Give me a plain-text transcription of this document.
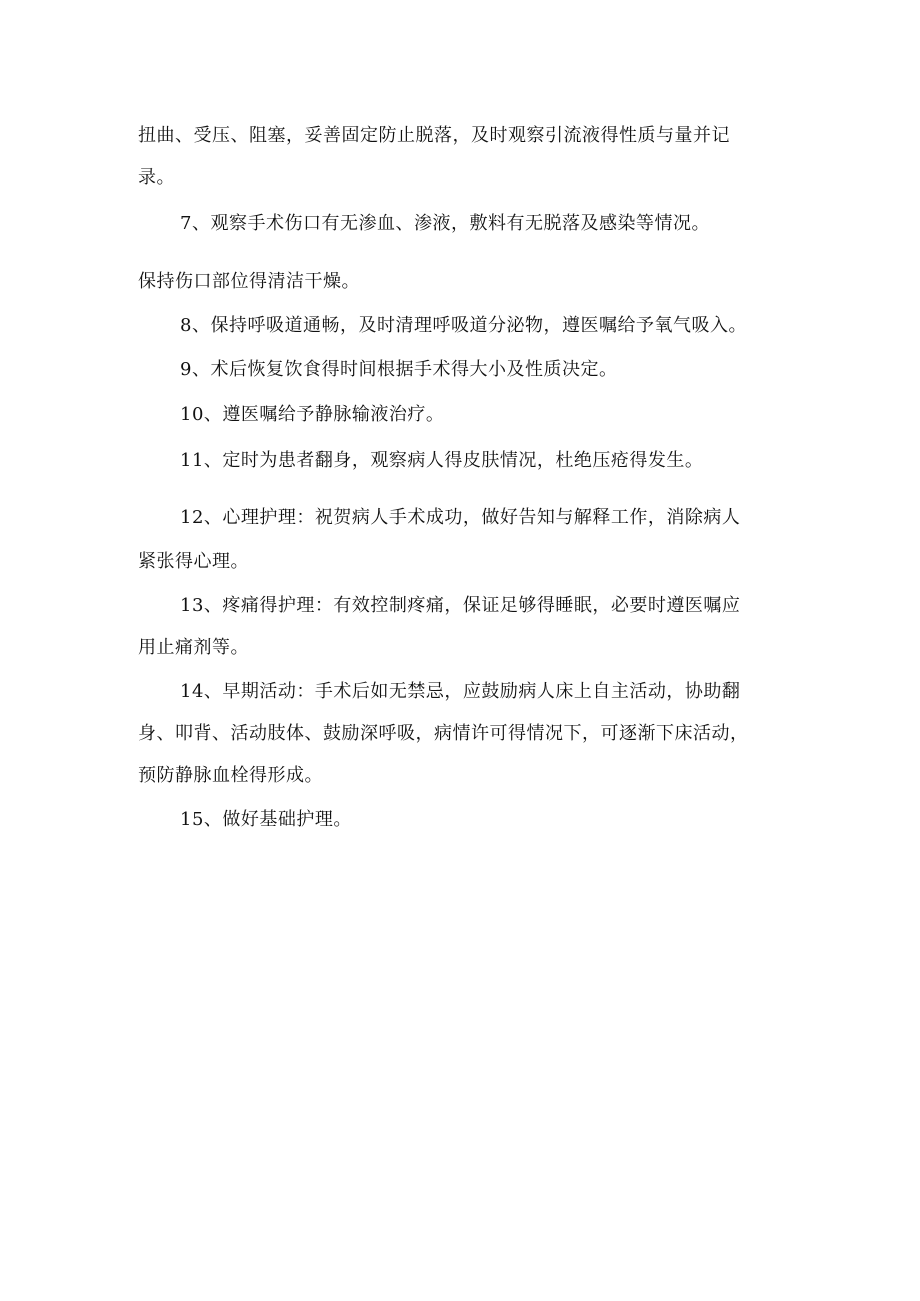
扭曲、受压、阻塞，妥善固定防止脱落，及时观察引流液得性质与量并记
录。
7、观察手术伤口有无渗血、渗液，敷料有无脱落及感染等情况。
保持伤口部位得清洁干燥。
8、保持呼吸道通畅，及时清理呼吸道分泌物，遵医嘱给予氧气吸入。
9、术后恢复饮食得时间根据手术得大小及性质决定。
10、遵医嘱给予静脉输液治疗。
11、定时为患者翻身，观察病人得皮肤情况，杜绝压疮得发生。
12、心理护理：祝贺病人手术成功，做好告知与解释工作，消除病人
紧张得心理。
13、疼痛得护理：有效控制疼痛，保证足够得睡眠，必要时遵医嘱应
用止痛剂等。
14、早期活动：手术后如无禁忌，应鼓励病人床上自主活动，协助翻
身、叩背、活动肢体、鼓励深呼吸，病情许可得情况下，可逐渐下床活动，
预防静脉血栓得形成。
15、做好基础护理。
